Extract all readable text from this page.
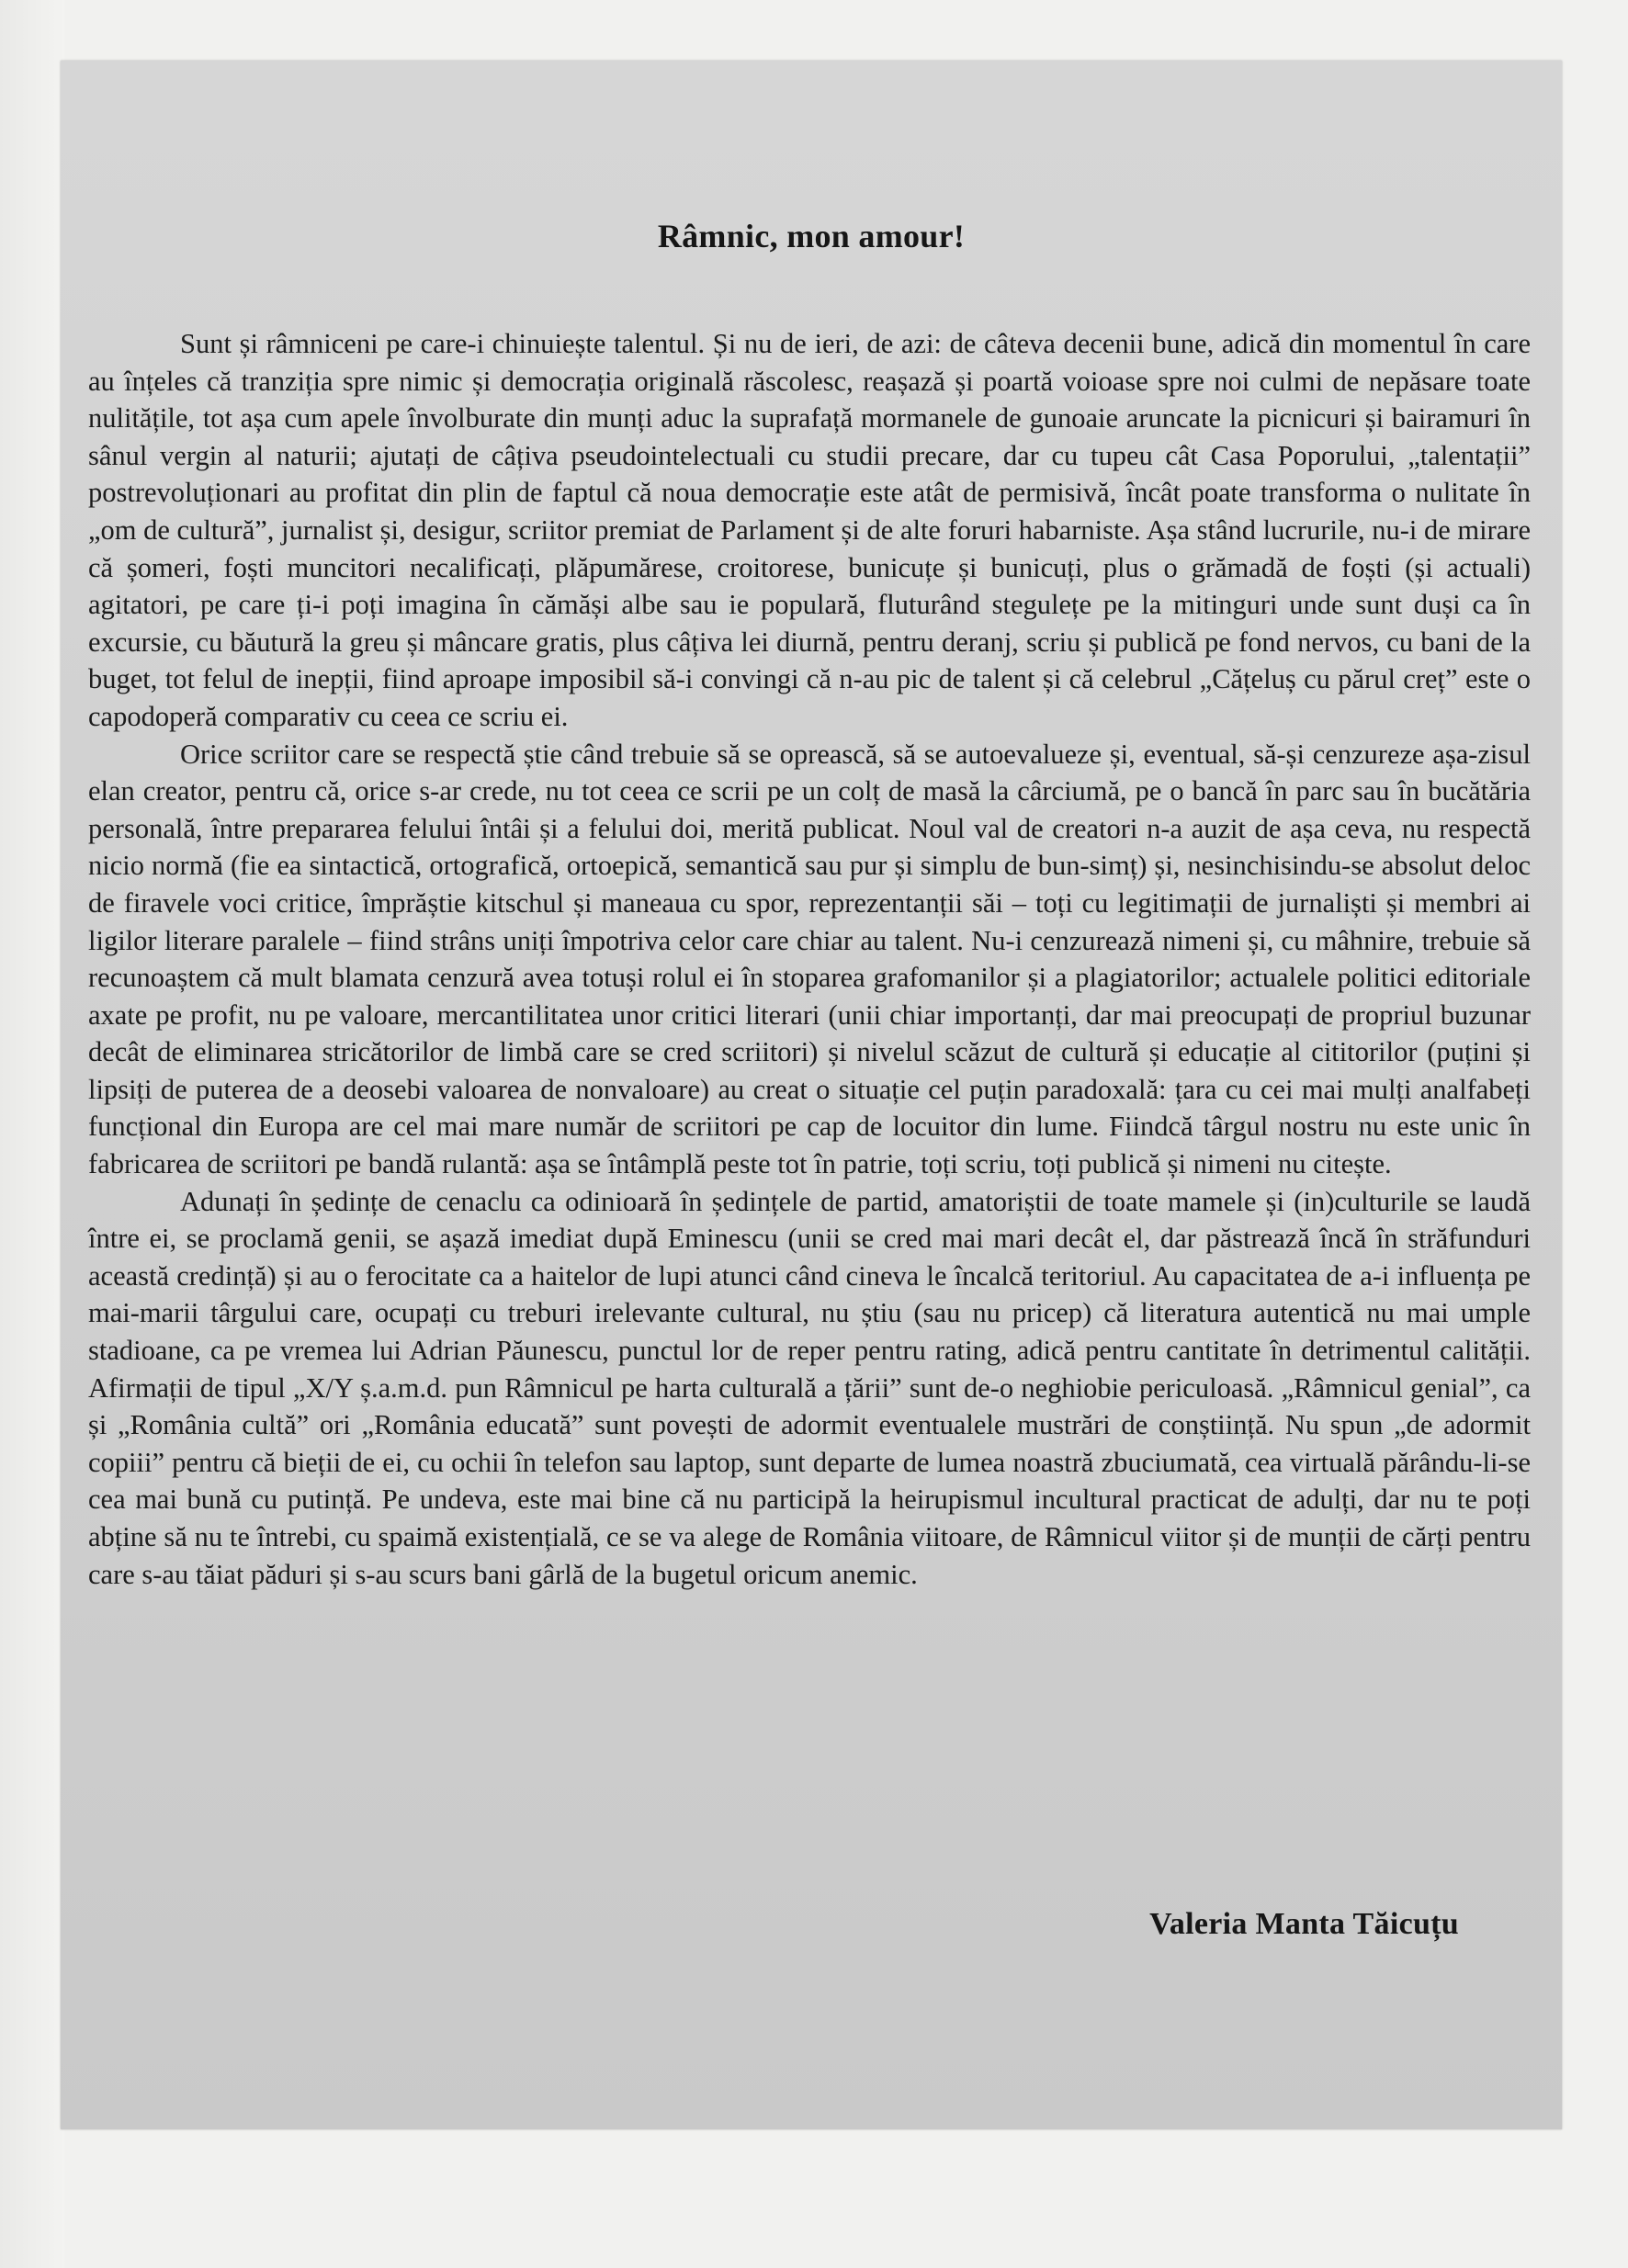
Râmnic, mon amour!

Sunt și râmniceni pe care-i chinuiește talentul. Și nu de ieri, de azi: de câteva decenii bune, adică din momentul în care au înțeles că tranziția spre nimic și democrația originală răscolesc, reașază și poartă voioase spre noi culmi de nepăsare toate nulitățile, tot așa cum apele învolburate din munți aduc la suprafață mormanele de gunoaie aruncate la picnicuri și bairamuri în sânul vergin al naturii; ajutați de câțiva pseudointelectuali cu studii precare, dar cu tupeu cât Casa Poporului, „talentații” postrevoluționari au profitat din plin de faptul că noua democrație este atât de permisivă, încât poate transforma o nulitate în „om de cultură”, jurnalist și, desigur, scriitor premiat de Parlament și de alte foruri habarniste. Așa stând lucrurile, nu-i de mirare că șomeri, foști muncitori necalificați, plăpumărese, croitorese, bunicuțe și bunicuți, plus o grămadă de foști (și actuali) agitatori, pe care ți-i poți imagina în cămăși albe sau ie populară, fluturând stegulețe pe la mitinguri unde sunt duși ca în excursie, cu băutură la greu și mâncare gratis, plus câțiva lei diurnă, pentru deranj, scriu și publică pe fond nervos, cu bani de la buget, tot felul de inepții, fiind aproape imposibil să-i convingi că n-au pic de talent și că celebrul „Cățeluș cu părul creț” este o capodoperă comparativ cu ceea ce scriu ei.

Orice scriitor care se respectă știe când trebuie să se oprească, să se autoevalueze și, eventual, să-și cenzureze așa-zisul elan creator, pentru că, orice s-ar crede, nu tot ceea ce scrii pe un colț de masă la cârciumă, pe o bancă în parc sau în bucătăria personală, între prepararea felului întâi și a felului doi, merită publicat. Noul val de creatori n-a auzit de așa ceva, nu respectă nicio normă (fie ea sintactică, ortografică, ortoepică, semantică sau pur și simplu de bun-simț) și, nesinchisindu-se absolut deloc de firavele voci critice, împrăștie kitschul și maneaua cu spor, reprezentanții săi – toți cu legitimații de jurnaliști și membri ai ligilor literare paralele – fiind strâns uniți împotriva celor care chiar au talent. Nu-i cenzurează nimeni și, cu mâhnire, trebuie să recunoaștem că mult blamata cenzură avea totuși rolul ei în stoparea grafomanilor și a plagiatorilor; actualele politici editoriale axate pe profit, nu pe valoare, mercantilitatea unor critici literari (unii chiar importanți, dar mai preocupați de propriul buzunar decât de eliminarea stricătorilor de limbă care se cred scriitori) și nivelul scăzut de cultură și educație al cititorilor (puțini și lipsiți de puterea de a deosebi valoarea de nonvaloare) au creat o situație cel puțin paradoxală: țara cu cei mai mulți analfabeți funcțional din Europa are cel mai mare număr de scriitori pe cap de locuitor din lume. Fiindcă târgul nostru nu este unic în fabricarea de scriitori pe bandă rulantă: așa se întâmplă peste tot în patrie, toți scriu, toți publică și nimeni nu citește.

Adunați în ședințe de cenaclu ca odinioară în ședințele de partid, amatoriștii de toate mamele și (in)culturile se laudă între ei, se proclamă genii, se așază imediat după Eminescu (unii se cred mai mari decât el, dar păstrează încă în străfunduri această credință) și au o ferocitate ca a haitelor de lupi atunci când cineva le încalcă teritoriul. Au capacitatea de a-i influența pe mai-marii târgului care, ocupați cu treburi irelevante cultural, nu știu (sau nu pricep) că literatura autentică nu mai umple stadioane, ca pe vremea lui Adrian Păunescu, punctul lor de reper pentru rating, adică pentru cantitate în detrimentul calității. Afirmații de tipul „X/Y ș.a.m.d. pun Râmnicul pe harta culturală a țării” sunt de-o neghiobie periculoasă. „Râmnicul genial”, ca și „România cultă” ori „România educată” sunt povești de adormit eventualele mustrări de conștiință. Nu spun „de adormit copiii” pentru că bieții de ei, cu ochii în telefon sau laptop, sunt departe de lumea noastră zbuciumată, cea virtuală părându-li-se cea mai bună cu putință. Pe undeva, este mai bine că nu participă la heirupismul incultural practicat de adulți, dar nu te poți abține să nu te întrebi, cu spaimă existențială, ce se va alege de România viitoare, de Râmnicul viitor și de munții de cărți pentru care s-au tăiat păduri și s-au scurs bani gârlă de la bugetul oricum anemic.

Valeria Manta Tăicuțu
